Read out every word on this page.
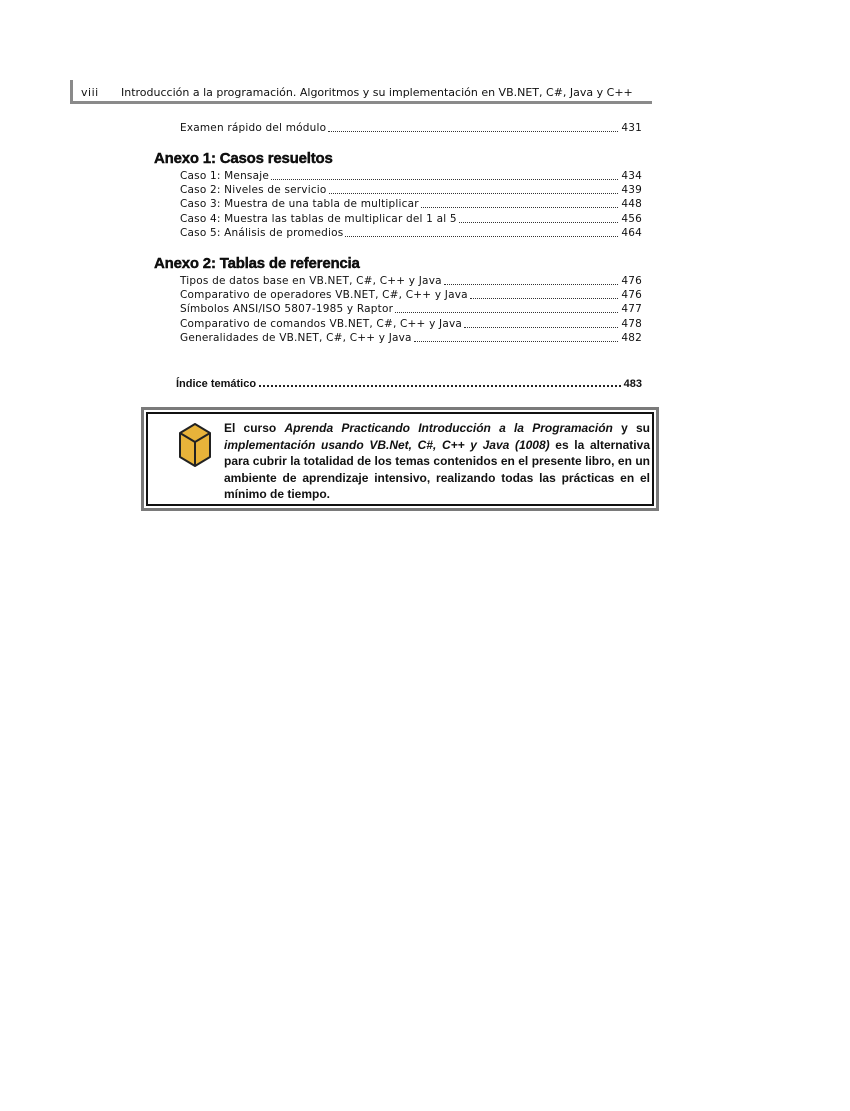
viii Introducción a la programación. Algoritmos y su implementación en VB.NET, C#, Java y C++
Examen rápido del módulo	431
Anexo 1: Casos resueltos
Caso 1: Mensaje	434
Caso 2: Niveles de servicio	439
Caso 3: Muestra de una tabla de multiplicar	448
Caso 4: Muestra las tablas de multiplicar del 1 al 5	456
Caso 5: Análisis de promedios	464
Anexo 2: Tablas de referencia
Tipos de datos base en VB.NET, C#, C++ y Java	476
Comparativo de operadores VB.NET, C#, C++ y Java	476
Símbolos ANSI/ISO 5807-1985 y Raptor	477
Comparativo de comandos VB.NET, C#, C++ y Java	478
Generalidades de VB.NET, C#, C++ y Java	482
Índice temático	483
El curso Aprenda Practicando Introducción a la Programación y su implementación usando VB.Net, C#, C++ y Java (1008) es la alternativa para cubrir la totalidad de los temas contenidos en el presente libro, en un ambiente de aprendizaje intensivo, realizando todas las prácticas en el mínimo de tiempo.
